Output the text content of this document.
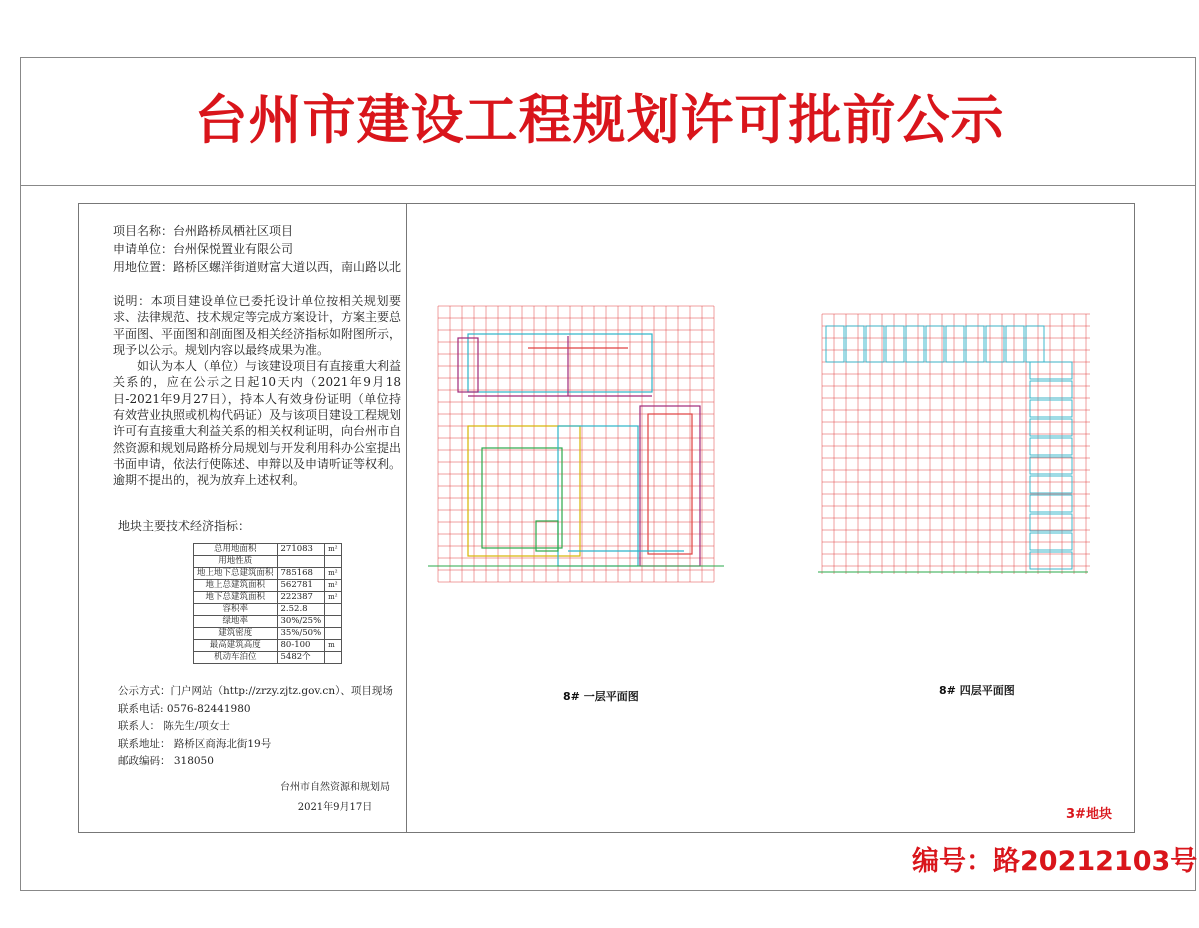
台州市建设工程规划许可批前公示
项目名称：台州路桥凤栖社区项目
申请单位：台州保悦置业有限公司
用地位置：路桥区螺洋街道财富大道以西，南山路以北

说明：本项目建设单位已委托设计单位按相关规划要求、法律规范、技术规定等完成方案设计，方案主要总平面图、平面图和剖面图及相关经济指标如附图所示，现予以公示。规划内容以最终成果为准。

如认为本人（单位）与该建设项目有直接重大利益关系的，应在公示之日起10天内（2021年9月18日-2021年9月27日），持本人有效身份证明（单位持有效营业执照或机构代码证）及与该项目建设工程规划许可有直接重大利益关系的相关权利证明，向台州市自然资源和规划局路桥分局规划与开发利用科办公室提出书面申请，依法行使陈述、申辩以及申请听证等权利。逾期不提出的，视为放弃上述权利。

地块主要技术经济指标：
总用地面积	271083	m²
用地性质		
地上地下总建筑面积	785168	m²
地上总建筑面积	562781	m²
地下总建筑面积	222387	m²
容积率	2.52.8	
绿地率	30%/25%	
建筑密度	35%/50%	
最高建筑高度	80-100	m
机动车泊位	5482个	
公示方式：门户网站（http://zrzy.zjtz.gov.cn）、项目现场
联系电话: 0576-82441980
联系人： 陈先生/项女士
联系地址： 路桥区商海北街19号
邮政编码： 318050
台州市自然资源和规划局
2021年9月17日
8# 一层平面图	8# 四层平面图
3#地块
编号：路20212103号
